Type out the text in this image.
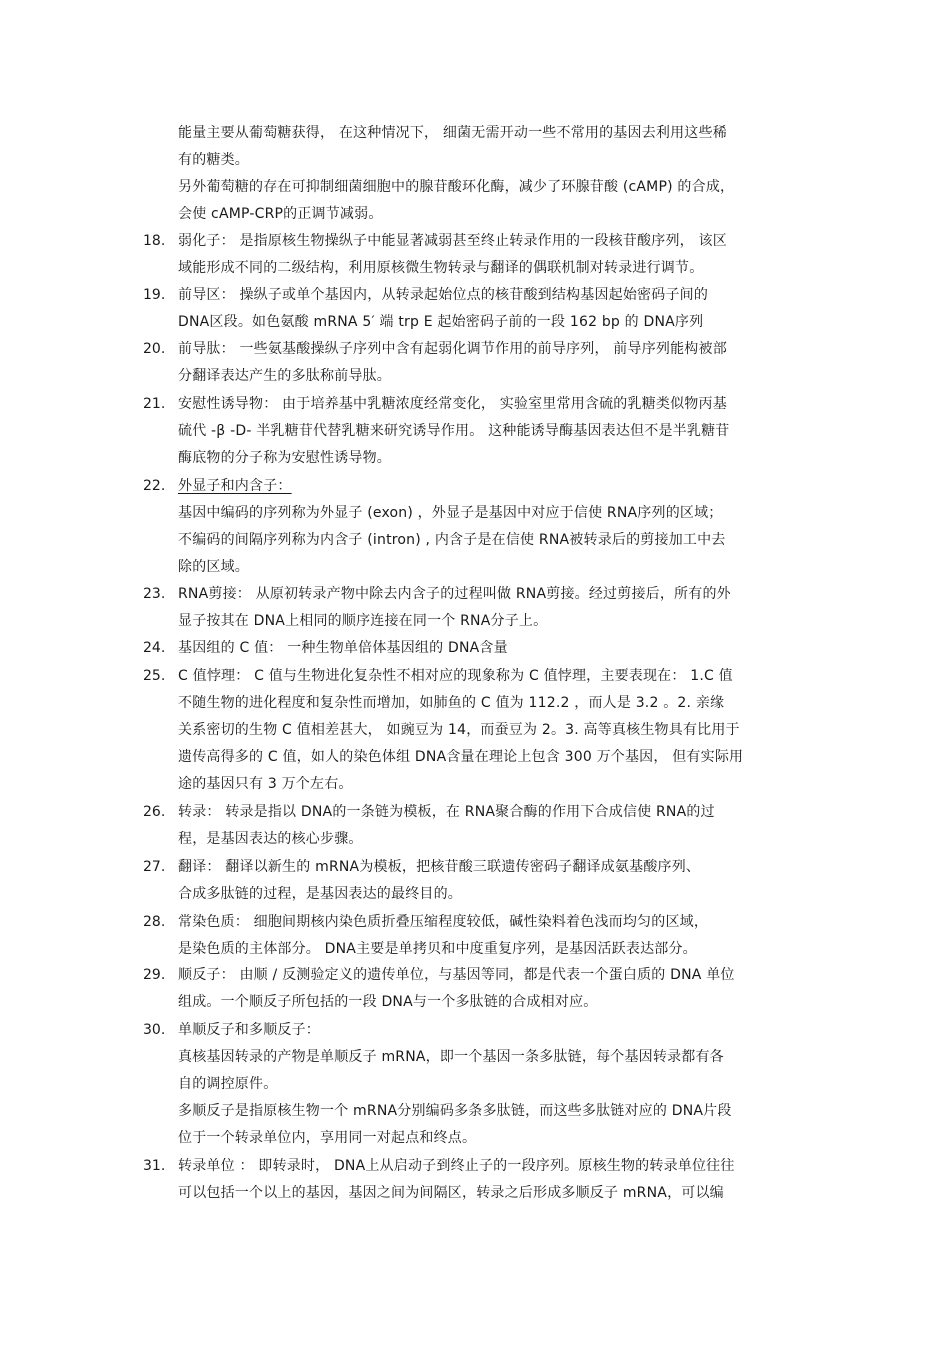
能量主要从葡萄糖获得， 在这种情况下， 细菌无需开动一些不常用的基因去利用这些稀
有的糖类。
另外葡萄糖的存在可抑制细菌细胞中的腺苷酸环化酶，减少了环腺苷酸 (cAMP) 的合成，
会使 cAMP-CRP的正调节减弱。
18. 弱化子： 是指原核生物操纵子中能显著减弱甚至终止转录作用的一段核苷酸序列， 该区
域能形成不同的二级结构，利用原核微生物转录与翻译的偶联机制对转录进行调节。
19. 前导区： 操纵子或单个基因内，从转录起始位点的核苷酸到结构基因起始密码子间的
DNA区段。如色氨酸 mRNA 5′ 端 trp E 起始密码子前的一段 162 bp 的 DNA序列
20. 前导肽： 一些氨基酸操纵子序列中含有起弱化调节作用的前导序列， 前导序列能构被部
分翻译表达产生的多肽称前导肽。
21. 安慰性诱导物： 由于培养基中乳糖浓度经常变化， 实验室里常用含硫的乳糖类似物丙基
硫代 -β -D- 半乳糖苷代替乳糖来研究诱导作用。 这种能诱导酶基因表达但不是半乳糖苷
酶底物的分子称为安慰性诱导物。
22. 外显子和内含子：
基因中编码的序列称为外显子 (exon) ，外显子是基因中对应于信使 RNA序列的区域；
不编码的间隔序列称为内含子 (intron) , 内含子是在信使 RNA被转录后的剪接加工中去
除的区域。
23. RNA剪接： 从原初转录产物中除去内含子的过程叫做 RNA剪接。经过剪接后，所有的外
显子按其在 DNA上相同的顺序连接在同一个 RNA分子上。
24. 基因组的 C 值： 一种生物单倍体基因组的 DNA含量
25. C 值悖理： C 值与生物进化复杂性不相对应的现象称为 C 值悖理，主要表现在： 1.C 值
不随生物的进化程度和复杂性而增加，如肺鱼的 C 值为 112.2 ，而人是 3.2 。2. 亲缘
关系密切的生物 C 值相差甚大， 如豌豆为 14，而蚕豆为 2。3. 高等真核生物具有比用于
遗传高得多的 C 值，如人的染色体组 DNA含量在理论上包含 300 万个基因， 但有实际用
途的基因只有 3 万个左右。
26. 转录： 转录是指以 DNA的一条链为模板，在 RNA聚合酶的作用下合成信使 RNA的过
程，是基因表达的核心步骤。
27. 翻译： 翻译以新生的 mRNA为模板，把核苷酸三联遗传密码子翻译成氨基酸序列、
合成多肽链的过程，是基因表达的最终目的。
28. 常染色质： 细胞间期核内染色质折叠压缩程度较低，碱性染料着色浅而均匀的区域，
是染色质的主体部分。 DNA主要是单拷贝和中度重复序列，是基因活跃表达部分。
29. 顺反子： 由顺 / 反测验定义的遗传单位，与基因等同，都是代表一个蛋白质的 DNA 单位
组成。一个顺反子所包括的一段 DNA与一个多肽链的合成相对应。
30. 单顺反子和多顺反子：
真核基因转录的产物是单顺反子 mRNA，即一个基因一条多肽链，每个基因转录都有各
自的调控原件。
多顺反子是指原核生物一个 mRNA分别编码多条多肽链，而这些多肽链对应的 DNA片段
位于一个转录单位内，享用同一对起点和终点。
31. 转录单位 ： 即转录时， DNA上从启动子到终止子的一段序列。原核生物的转录单位往往
可以包括一个以上的基因，基因之间为间隔区，转录之后形成多顺反子 mRNA，可以编
